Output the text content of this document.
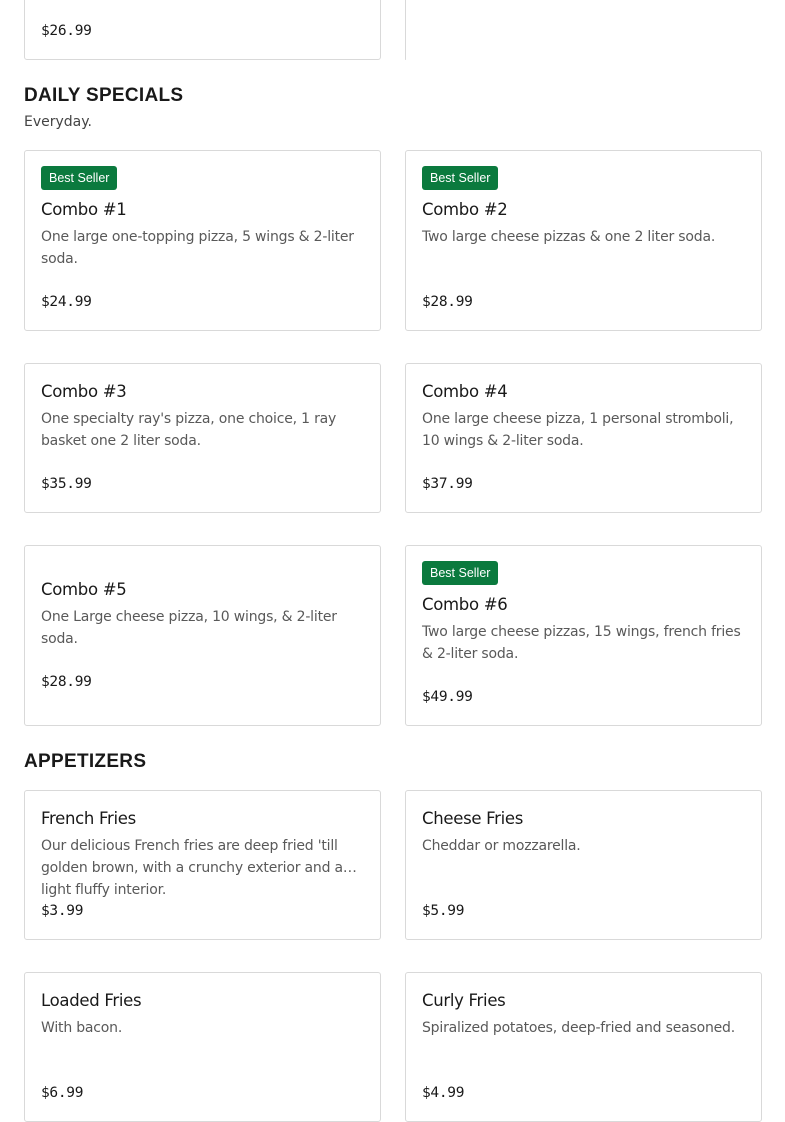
$26.99
DAILY SPECIALS

Everyday.

Best Seller
Combo #1
One large one-topping pizza, 5 wings & 2-liter soda.
$24.99
Best Seller
Combo #2
Two large cheese pizzas & one 2 liter soda.
$28.99
Combo #3
One specialty ray's pizza, one choice, 1 ray basket one 2 liter soda.
$35.99
Combo #4
One large cheese pizza, 1 personal stromboli, 10 wings & 2-liter soda.
$37.99
Combo #5
One Large cheese pizza, 10 wings, & 2-liter soda.
$28.99
Best Seller
Combo #6
Two large cheese pizzas, 15 wings, french fries & 2-liter soda.
$49.99
APPETIZERS
French Fries
Our delicious French fries are deep fried 'till golden brown, with a crunchy exterior and a light fluffy interior.
$3.99
Cheese Fries
Cheddar or mozzarella.
$5.99
Loaded Fries
With bacon.
$6.99
Curly Fries
Spiralized potatoes, deep-fried and seasoned.
$4.99
